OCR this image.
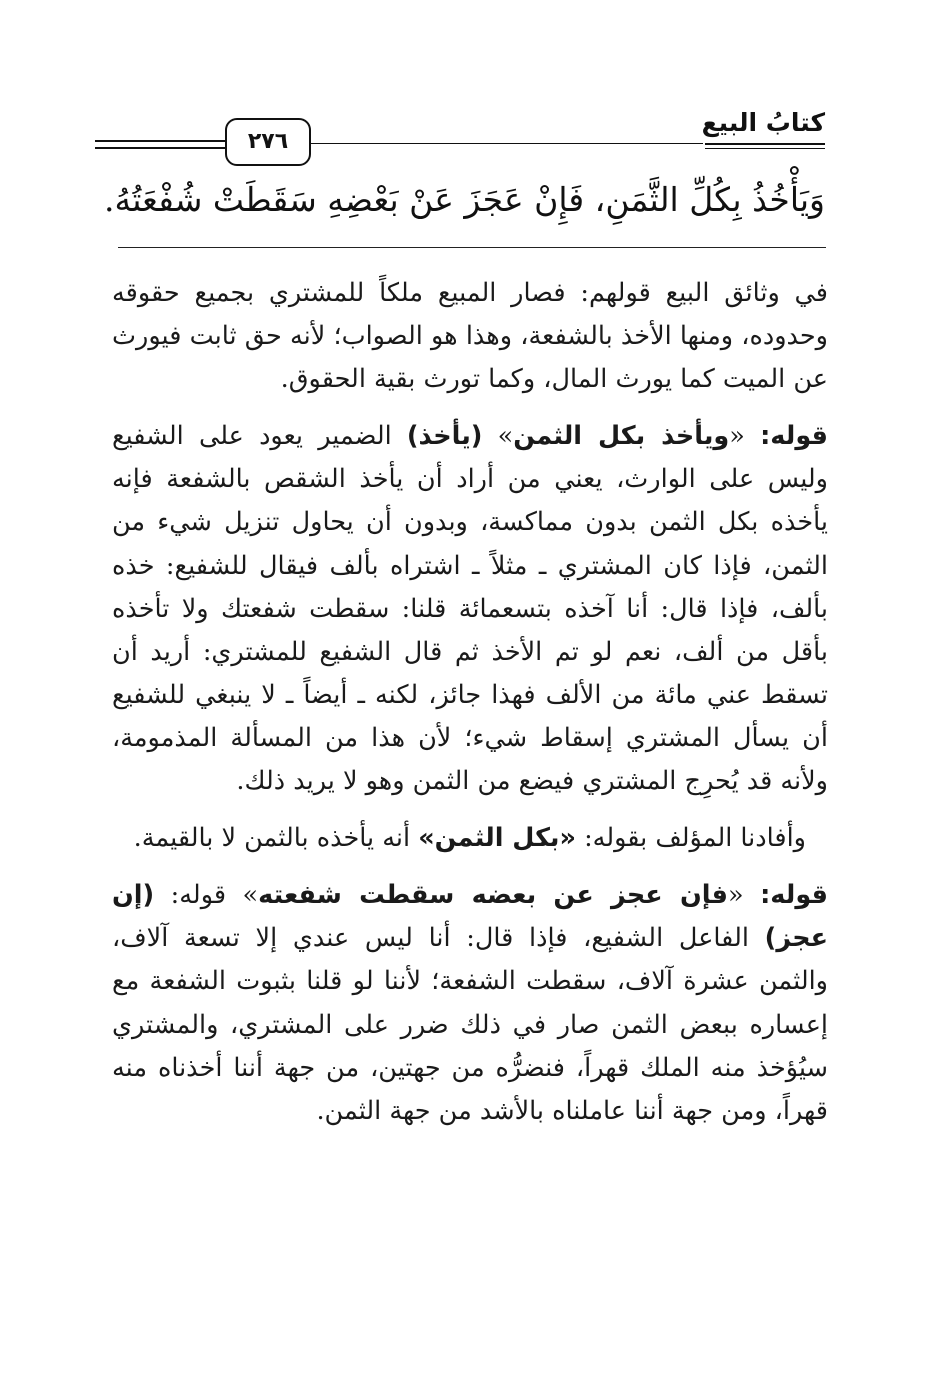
كتابُ البيع
٢٧٦
وَيَأْخُذُ بِكُلِّ الثَّمَنِ، فَإِنْ عَجَزَ عَنْ بَعْضِهِ سَقَطَتْ شُفْعَتُهُ.

في وثائق البيع قولهم: فصار المبيع ملكاً للمشتري بجميع حقوقه وحدوده، ومنها الأخذ بالشفعة، وهذا هو الصواب؛ لأنه حق ثابت فيورث عن الميت كما يورث المال، وكما تورث بقية الحقوق.

قوله: «ويأخذ بكل الثمن» (يأخذ) الضمير يعود على الشفيع وليس على الوارث، يعني من أراد أن يأخذ الشقص بالشفعة فإنه يأخذه بكل الثمن بدون مماكسة، وبدون أن يحاول تنزيل شيء من الثمن، فإذا كان المشتري ـ مثلاً ـ اشتراه بألف فيقال للشفيع: خذه بألف، فإذا قال: أنا آخذه بتسعمائة قلنا: سقطت شفعتك ولا تأخذه بأقل من ألف، نعم لو تم الأخذ ثم قال الشفيع للمشتري: أريد أن تسقط عني مائة من الألف فهذا جائز، لكنه ـ أيضاً ـ لا ينبغي للشفيع أن يسأل المشتري إسقاط شيء؛ لأن هذا من المسألة المذمومة، ولأنه قد يُحرِج المشتري فيضع من الثمن وهو لا يريد ذلك.

وأفادنا المؤلف بقوله: «بكل الثمن» أنه يأخذه بالثمن لا بالقيمة.

قوله: «فإن عجز عن بعضه سقطت شفعته» قوله: (إن عجز) الفاعل الشفيع، فإذا قال: أنا ليس عندي إلا تسعة آلاف، والثمن عشرة آلاف، سقطت الشفعة؛ لأننا لو قلنا بثبوت الشفعة مع إعساره ببعض الثمن صار في ذلك ضرر على المشتري، والمشتري سيُؤخذ منه الملك قهراً، فنضرُّه من جهتين، من جهة أننا أخذناه منه قهراً، ومن جهة أننا عاملناه بالأشد من جهة الثمن.
